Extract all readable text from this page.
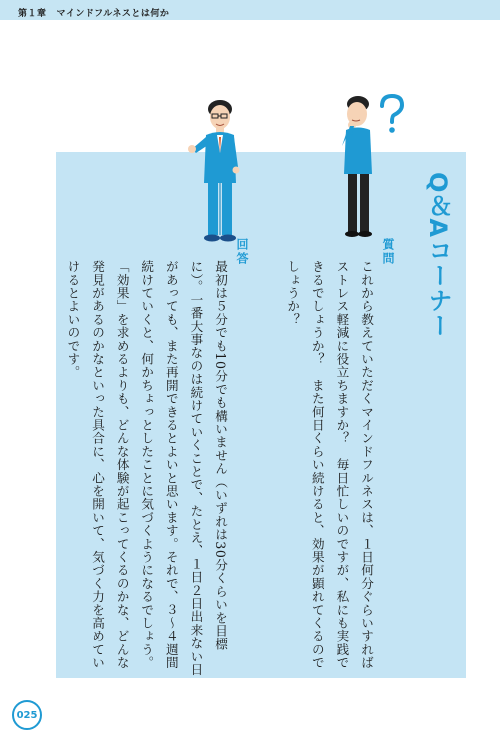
第１章 マインドフルネスとは何か
Q＆Aコーナー
質問
これから教えていただくマインドフルネスは、１日何分ぐらいすればストレス軽減に役立ちますか？　毎日忙しいのですが、私にも実践できるでしょうか？　また何日くらい続けると、効果が顕れてくるのでしょうか？
回答
最初は５分でも10分でも構いません（いずれは30分くらいを目標に）。一番大事なのは続けていくことで、たとえ、１日２日出来ない日があっても、また再開できるとよいと思います。それで、３〜４週間続けていくと、何かちょっとしたことに気づくようになるでしょう。「効果」を求めるよりも、どんな体験が起こってくるのかな、どんな発見があるのかなといった具合に、心を開いて、気づく力を高めていけるとよいのです。
025
